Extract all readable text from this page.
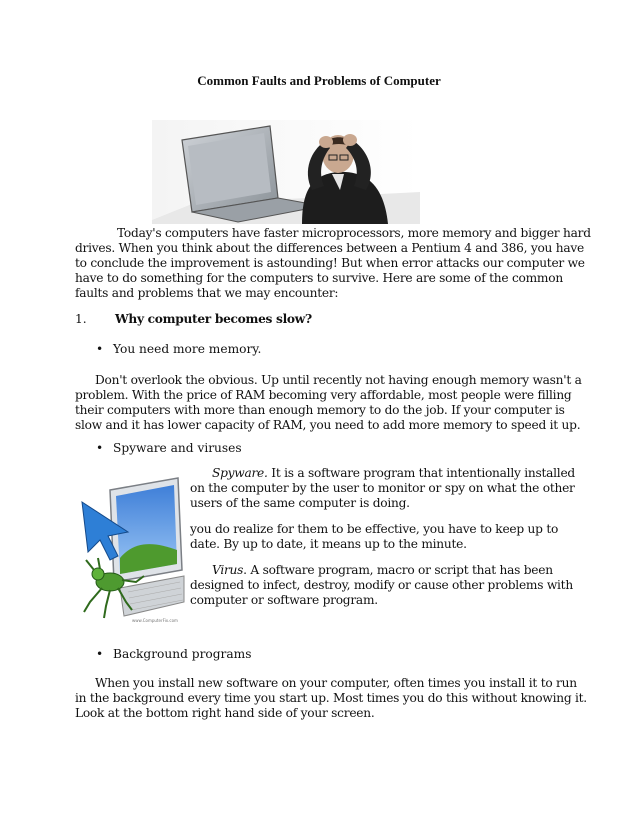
Common Faults and Problems of Computer
Today's computers have faster microprocessors, more memory and bigger hard
drives. When you think about the differences between a Pentium 4 and 386, you have
to conclude the improvement is astounding! But when error attacks our computer we
have to do something for the computers to survive. Here are some of the common
faults and problems that we may encounter:
1. Why computer becomes slow?
• You need more memory.
Don't overlook the obvious. Up until recently not having enough memory wasn't a
problem. With the price of RAM becoming very affordable, most people were filling
their computers with more than enough memory to do the job. If your computer is
slow and it has lower capacity of RAM, you need to add more memory to speed it up.
• Spyware and viruses
www.ComputerFix.com
Spyware. It is a software program that intentionally installed
on the computer by the user to monitor or spy on what the other
users of the same computer is doing.
you do realize for them to be effective, you have to keep up to
date. By up to date, it means up to the minute.
Virus. A software program, macro or script that has been
designed to infect, destroy, modify or cause other problems with
computer or software program.
• Background programs
When you install new software on your computer, often times you install it to run
in the background every time you start up. Most times you do this without knowing it.
Look at the bottom right hand side of your screen.
